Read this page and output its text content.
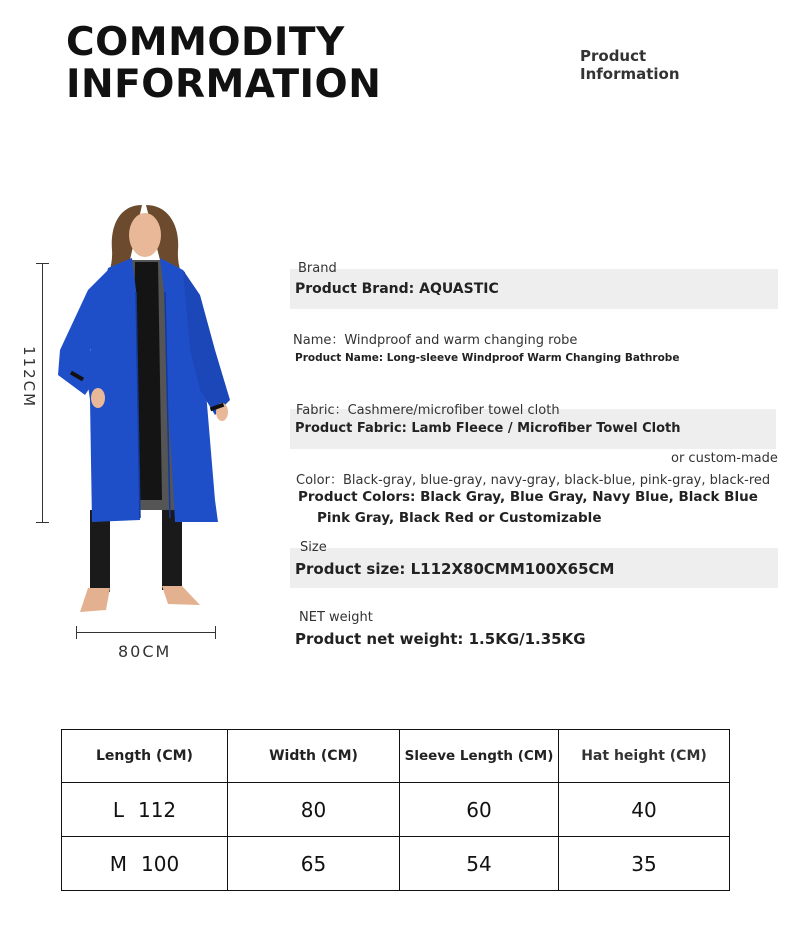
COMMODITY
INFORMATION
Product
Information
112CM
80CM
Brand
Product Brand: AQUASTIC
Name：Windproof and warm changing robe
Product Name: Long-sleeve Windproof Warm Changing Bathrobe
Fabric：Cashmere/microfiber towel cloth
Product Fabric: Lamb Fleece / Microfiber Towel Cloth
or custom-made
Color：Black-gray, blue-gray, navy-gray, black-blue, pink-gray, black-red
Product Colors: Black Gray, Blue Gray, Navy Blue, Black Blue
Pink Gray, Black Red or Customizable
Size
Product size: L112X80CMM100X65CM
NET weight
Product net weight: 1.5KG/1.35KG
Length (CM)	Width (CM)	Sleeve Length (CM)	Hat height (CM)
L 112	80	60	40
M 100	65	54	35
